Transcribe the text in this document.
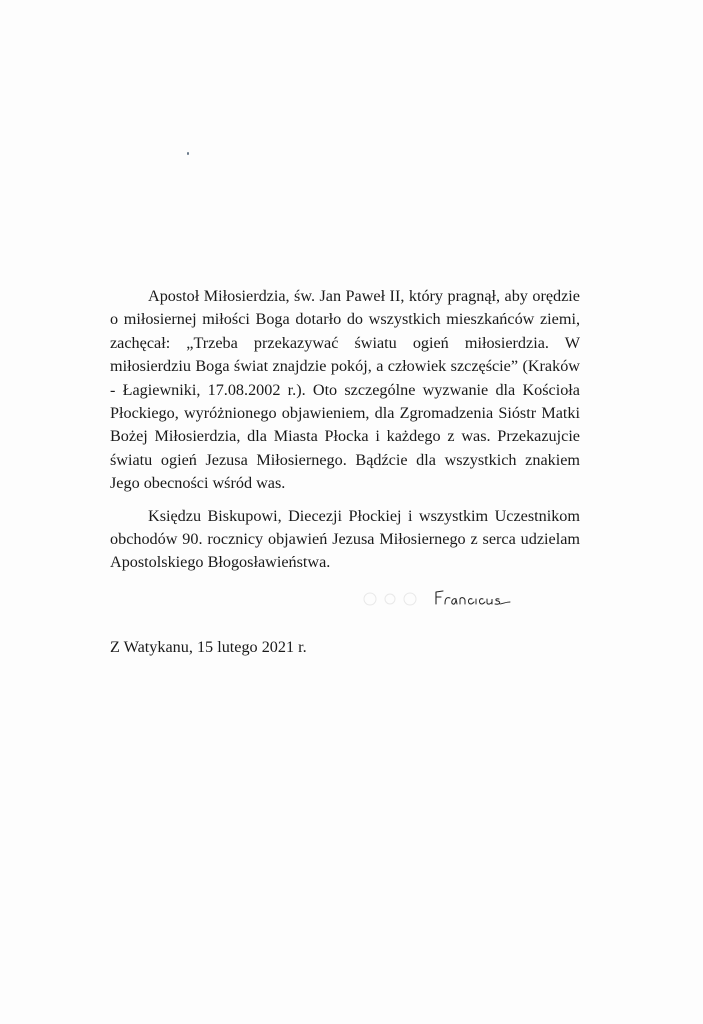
Apostoł Miłosierdzia, św. Jan Paweł II, który pragnął, aby orędzie o miłosiernej miłości Boga dotarło do wszystkich mieszkańców ziemi, zachęcał: „Trzeba przekazywać światu ogień miłosierdzia. W miłosierdziu Boga świat znajdzie pokój, a człowiek szczęście” (Kraków - Łagiewniki, 17.08.2002 r.). Oto szczególne wyzwanie dla Kościoła Płockiego, wyróżnionego objawieniem, dla Zgromadzenia Sióstr Matki Bożej Miłosierdzia, dla Miasta Płocka i każdego z was. Przekazujcie światu ogień Jezusa Miłosiernego. Bądźcie dla wszystkich znakiem Jego obecności wśród was.

Księdzu Biskupowi, Diecezji Płockiej i wszystkim Uczestnikom obchodów 90. rocznicy objawień Jezusa Miłosiernego z serca udzielam Apostolskiego Błogosławieństwa.

Z Watykanu, 15 lutego 2021 r.
